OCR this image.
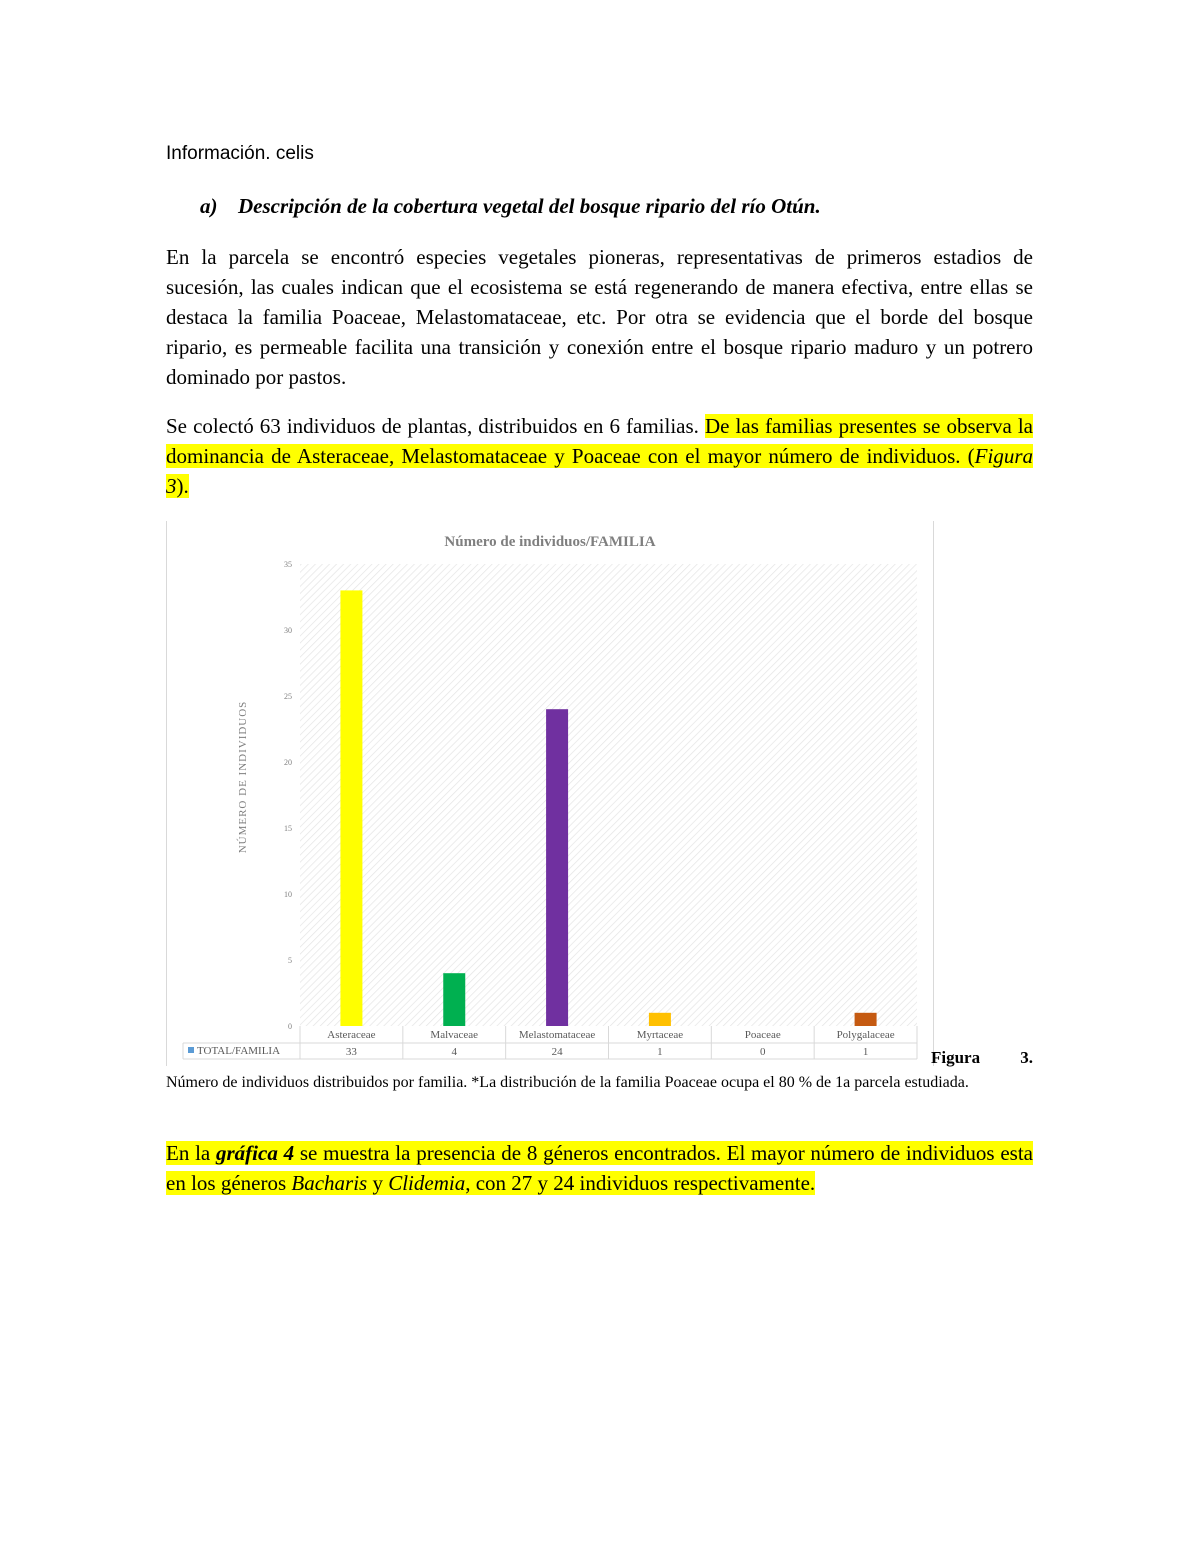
Información. celis
a) Descripción de la cobertura vegetal del bosque ripario del río Otún.
En la parcela se encontró especies vegetales pioneras, representativas de primeros estadios de sucesión, las cuales indican que el ecosistema se está regenerando de manera efectiva, entre ellas se destaca la familia Poaceae, Melastomataceae, etc. Por otra se evidencia que el borde del bosque ripario, es permeable facilita una transición y conexión entre el bosque ripario maduro y un potrero dominado por pastos.
Se colectó 63 individuos de plantas, distribuidos en 6 familias. De las familias presentes se observa la dominancia de Asteraceae, Melastomataceae y Poaceae con el mayor número de individuos. (Figura 3).
Número de individuos/FAMILIA
NÚMERO DE INDIVIDUOS
0
5
10
15
20
25
30
35
Asteraceae
33
Malvaceae
4
Melastomataceae
24
Myrtaceae
1
Poaceae
0
Polygalaceae
1
TOTAL/FAMILIA	Figura 3.
Número de individuos distribuidos por familia. *La distribución de la familia Poaceae ocupa el 80 % de 1a parcela estudiada.
En la gráfica 4 se muestra la presencia de 8 géneros encontrados. El mayor número de individuos esta en los géneros Bacharis y Clidemia, con 27 y 24 individuos respectivamente.
